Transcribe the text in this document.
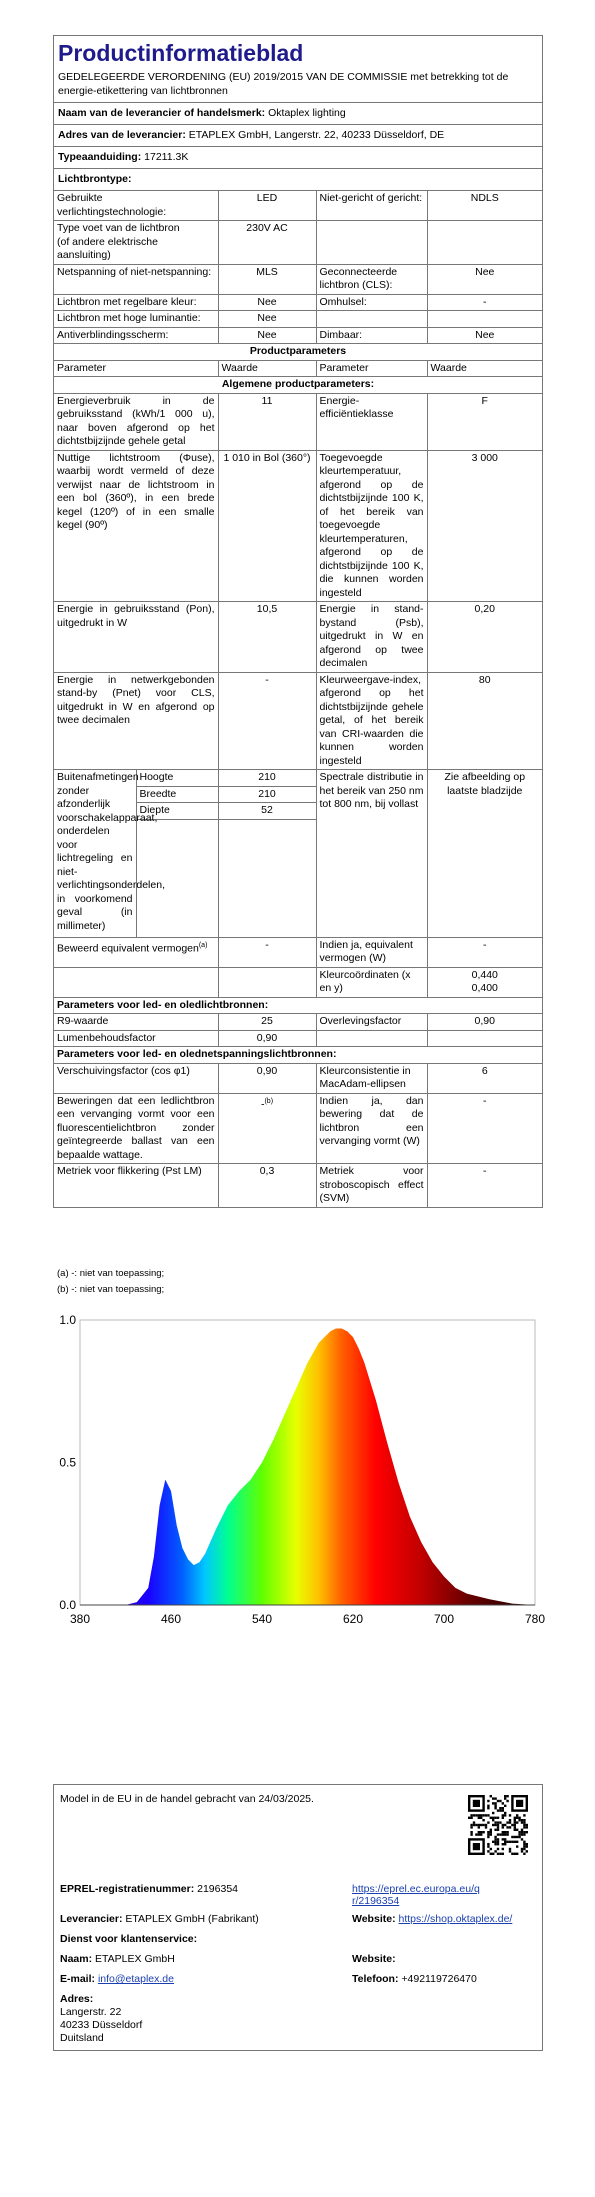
Productinformatieblad
GEDELEGEERDE VERORDENING (EU) 2019/2015 VAN DE COMMISSIE met betrekking tot de energie-etikettering van lichtbronnen
Naam van de leverancier of handelsmerk: Oktaplex lighting
Adres van de leverancier: ETAPLEX GmbH, Langerstr. 22, 40233 Düsseldorf, DE
Typeaanduiding: 17211.3K
Lichtbrontype:
Gebruikte verlichtingstechnologie:	LED	Niet-gericht of gericht:	NDLS
Type voet van de lichtbron
(of andere elektrische aansluiting)	230V AC		
Netspanning of niet-netspanning:	MLS	Geconnecteerde lichtbron (CLS):	Nee
Lichtbron met regelbare kleur:	Nee	Omhulsel:	-
Lichtbron met hoge luminantie:	Nee		
Antiverblindingsscherm:	Nee	Dimbaar:	Nee
Productparameters				
Parameter		Waarde	Parameter	Waarde
Algemene productparameters:				
Energieverbruik in de gebruiksstand (kWh/1 000 u), naar boven afgerond op het dichtstbijzijnde gehele getal		11	Energie-efficiëntieklasse	F
Nuttige lichtstroom (Φuse), waarbij wordt vermeld of deze verwijst naar de lichtstroom in een bol (360º), in een brede kegel (120º) of in een smalle kegel (90º)		1 010 in Bol (360°)	Toegevoegde kleurtemperatuur, afgerond op de dichtstbijzijnde 100 K, of het bereik van toegevoegde kleurtemperaturen, afgerond op de dichtstbijzijnde 100 K, die kunnen worden ingesteld	3 000
Energie in gebruiksstand (Pon), uitgedrukt in W		10,5	Energie in stand-bystand (Psb), uitgedrukt in W en afgerond op twee decimalen	0,20
Energie in netwerkgebonden stand-by (Pnet) voor CLS, uitgedrukt in W en afgerond op twee decimalen		-	Kleurweergave-index, afgerond op het dichtstbijzijnde gehele getal, of het bereik van CRI-waarden die kunnen worden ingesteld	80
Buitenafmetingen zonder afzonderlijk voorschakelapparaat, onderdelen voor lichtregeling en niet-verlichtingsonderdelen, in voorkomend geval (in millimeter)	Hoogte	210	Spectrale distributie in het bereik van 250 nm tot 800 nm, bij vollast	Zie afbeelding op laatste bladzijde
	Breedte	210		
	Diepte	52		

Beweerd equivalent vermogen$^{(a)}$		-	Indien ja, equivalent vermogen (W)	-
			Kleurcoördinaten (x en y)	0,440
0,400

Parameters voor led- en oledlichtbronnen:				
R9-waarde		25	Overlevingsfactor	0,90
Lumenbehoudsfactor		0,90		
Parameters voor led- en olednetspanningslichtbronnen:				
Verschuivingsfactor (cos φ1)		0,90	Kleurconsistentie in MacAdam-ellipsen	6
Beweringen dat een ledlichtbron een vervanging vormt voor een fluorescentielichtbron zonder geïntegreerde ballast van een bepaalde wattage.		-$^{(b)}$	Indien ja, dan bewering dat de lichtbron een vervanging vormt (W)	-
Metriek voor flikkering (Pst LM)		0,3	Metriek voor stroboscopisch effect (SVM)	-
(a) -: niet van toepassing;
(b) -: niet van toepassing;
380	460	540	620	700	780
0.0
0.5
1.0
Model in de EU in de handel gebracht van 24/03/2025.
EPREL-registratienummer: 2196354	https://eprel.ec.europa.eu/qr/2196354
Leverancier: ETAPLEX GmbH (Fabrikant)	Website: https://shop.oktaplex.de/
Dienst voor klantenservice:
Naam: ETAPLEX GmbH	Website:
E-mail: info@etaplex.de	Telefoon: +492119726470
Adres:
Langerstr. 22
40233 Düsseldorf
Duitsland
